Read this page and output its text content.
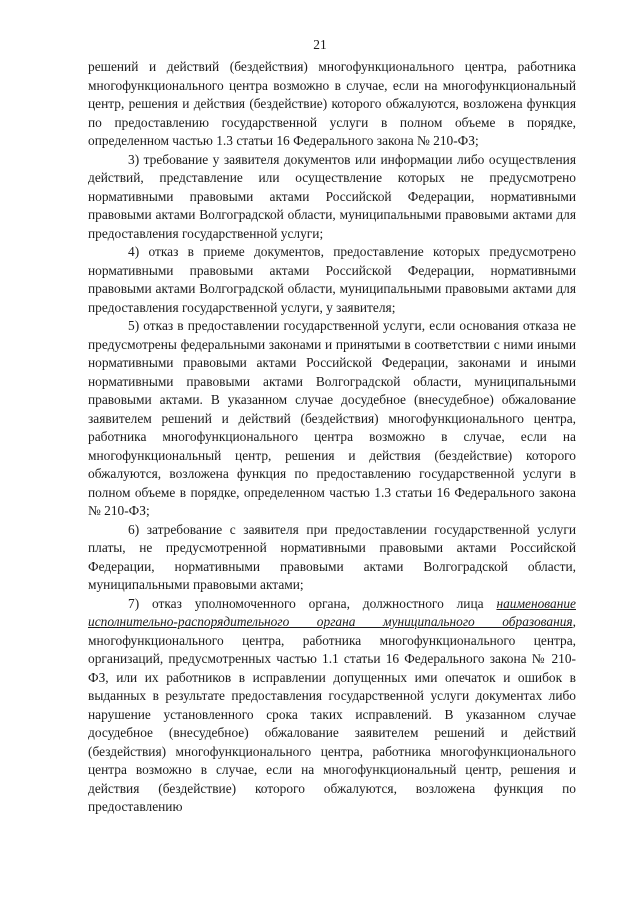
21

решений и действий (бездействия) многофункционального центра, работника многофункционального центра возможно в случае, если на многофункциональный центр, решения и действия (бездействие) которого обжалуются, возложена функция по предоставлению государственной услуги в полном объеме в порядке, определенном частью 1.3 статьи 16 Федерального закона № 210-ФЗ;

3) требование у заявителя документов или информации либо осуществления действий, представление или осуществление которых не предусмотрено нормативными правовыми актами Российской Федерации, нормативными правовыми актами Волгоградской области, муниципальными правовыми актами для предоставления государственной услуги;

4) отказ в приеме документов, предоставление которых предусмотрено нормативными правовыми актами Российской Федерации, нормативными правовыми актами Волгоградской области, муниципальными правовыми актами для предоставления государственной услуги, у заявителя;

5) отказ в предоставлении государственной услуги, если основания отказа не предусмотрены федеральными законами и принятыми в соответствии с ними иными нормативными правовыми актами Российской Федерации, законами и иными нормативными правовыми актами Волгоградской области, муниципальными правовыми актами. В указанном случае досудебное (внесудебное) обжалование заявителем решений и действий (бездействия) многофункционального центра, работника многофункционального центра возможно в случае, если на многофункциональный центр, решения и действия (бездействие) которого обжалуются, возложена функция по предоставлению государственной услуги в полном объеме в порядке, определенном частью 1.3 статьи 16 Федерального закона № 210-ФЗ;

6) затребование с заявителя при предоставлении государственной услуги платы, не предусмотренной нормативными правовыми актами Российской Федерации, нормативными правовыми актами Волгоградской области, муниципальными правовыми актами;

7) отказ уполномоченного органа, должностного лица наименование исполнительно-распорядительного органа муниципального образования, многофункционального центра, работника многофункционального центра, организаций, предусмотренных частью 1.1 статьи 16 Федерального закона № 210-ФЗ, или их работников в исправлении допущенных ими опечаток и ошибок в выданных в результате предоставления государственной услуги документах либо нарушение установленного срока таких исправлений. В указанном случае досудебное (внесудебное) обжалование заявителем решений и действий (бездействия) многофункционального центра, работника многофункционального центра возможно в случае, если на многофункциональный центр, решения и действия (бездействие) которого обжалуются, возложена функция по предоставлению
